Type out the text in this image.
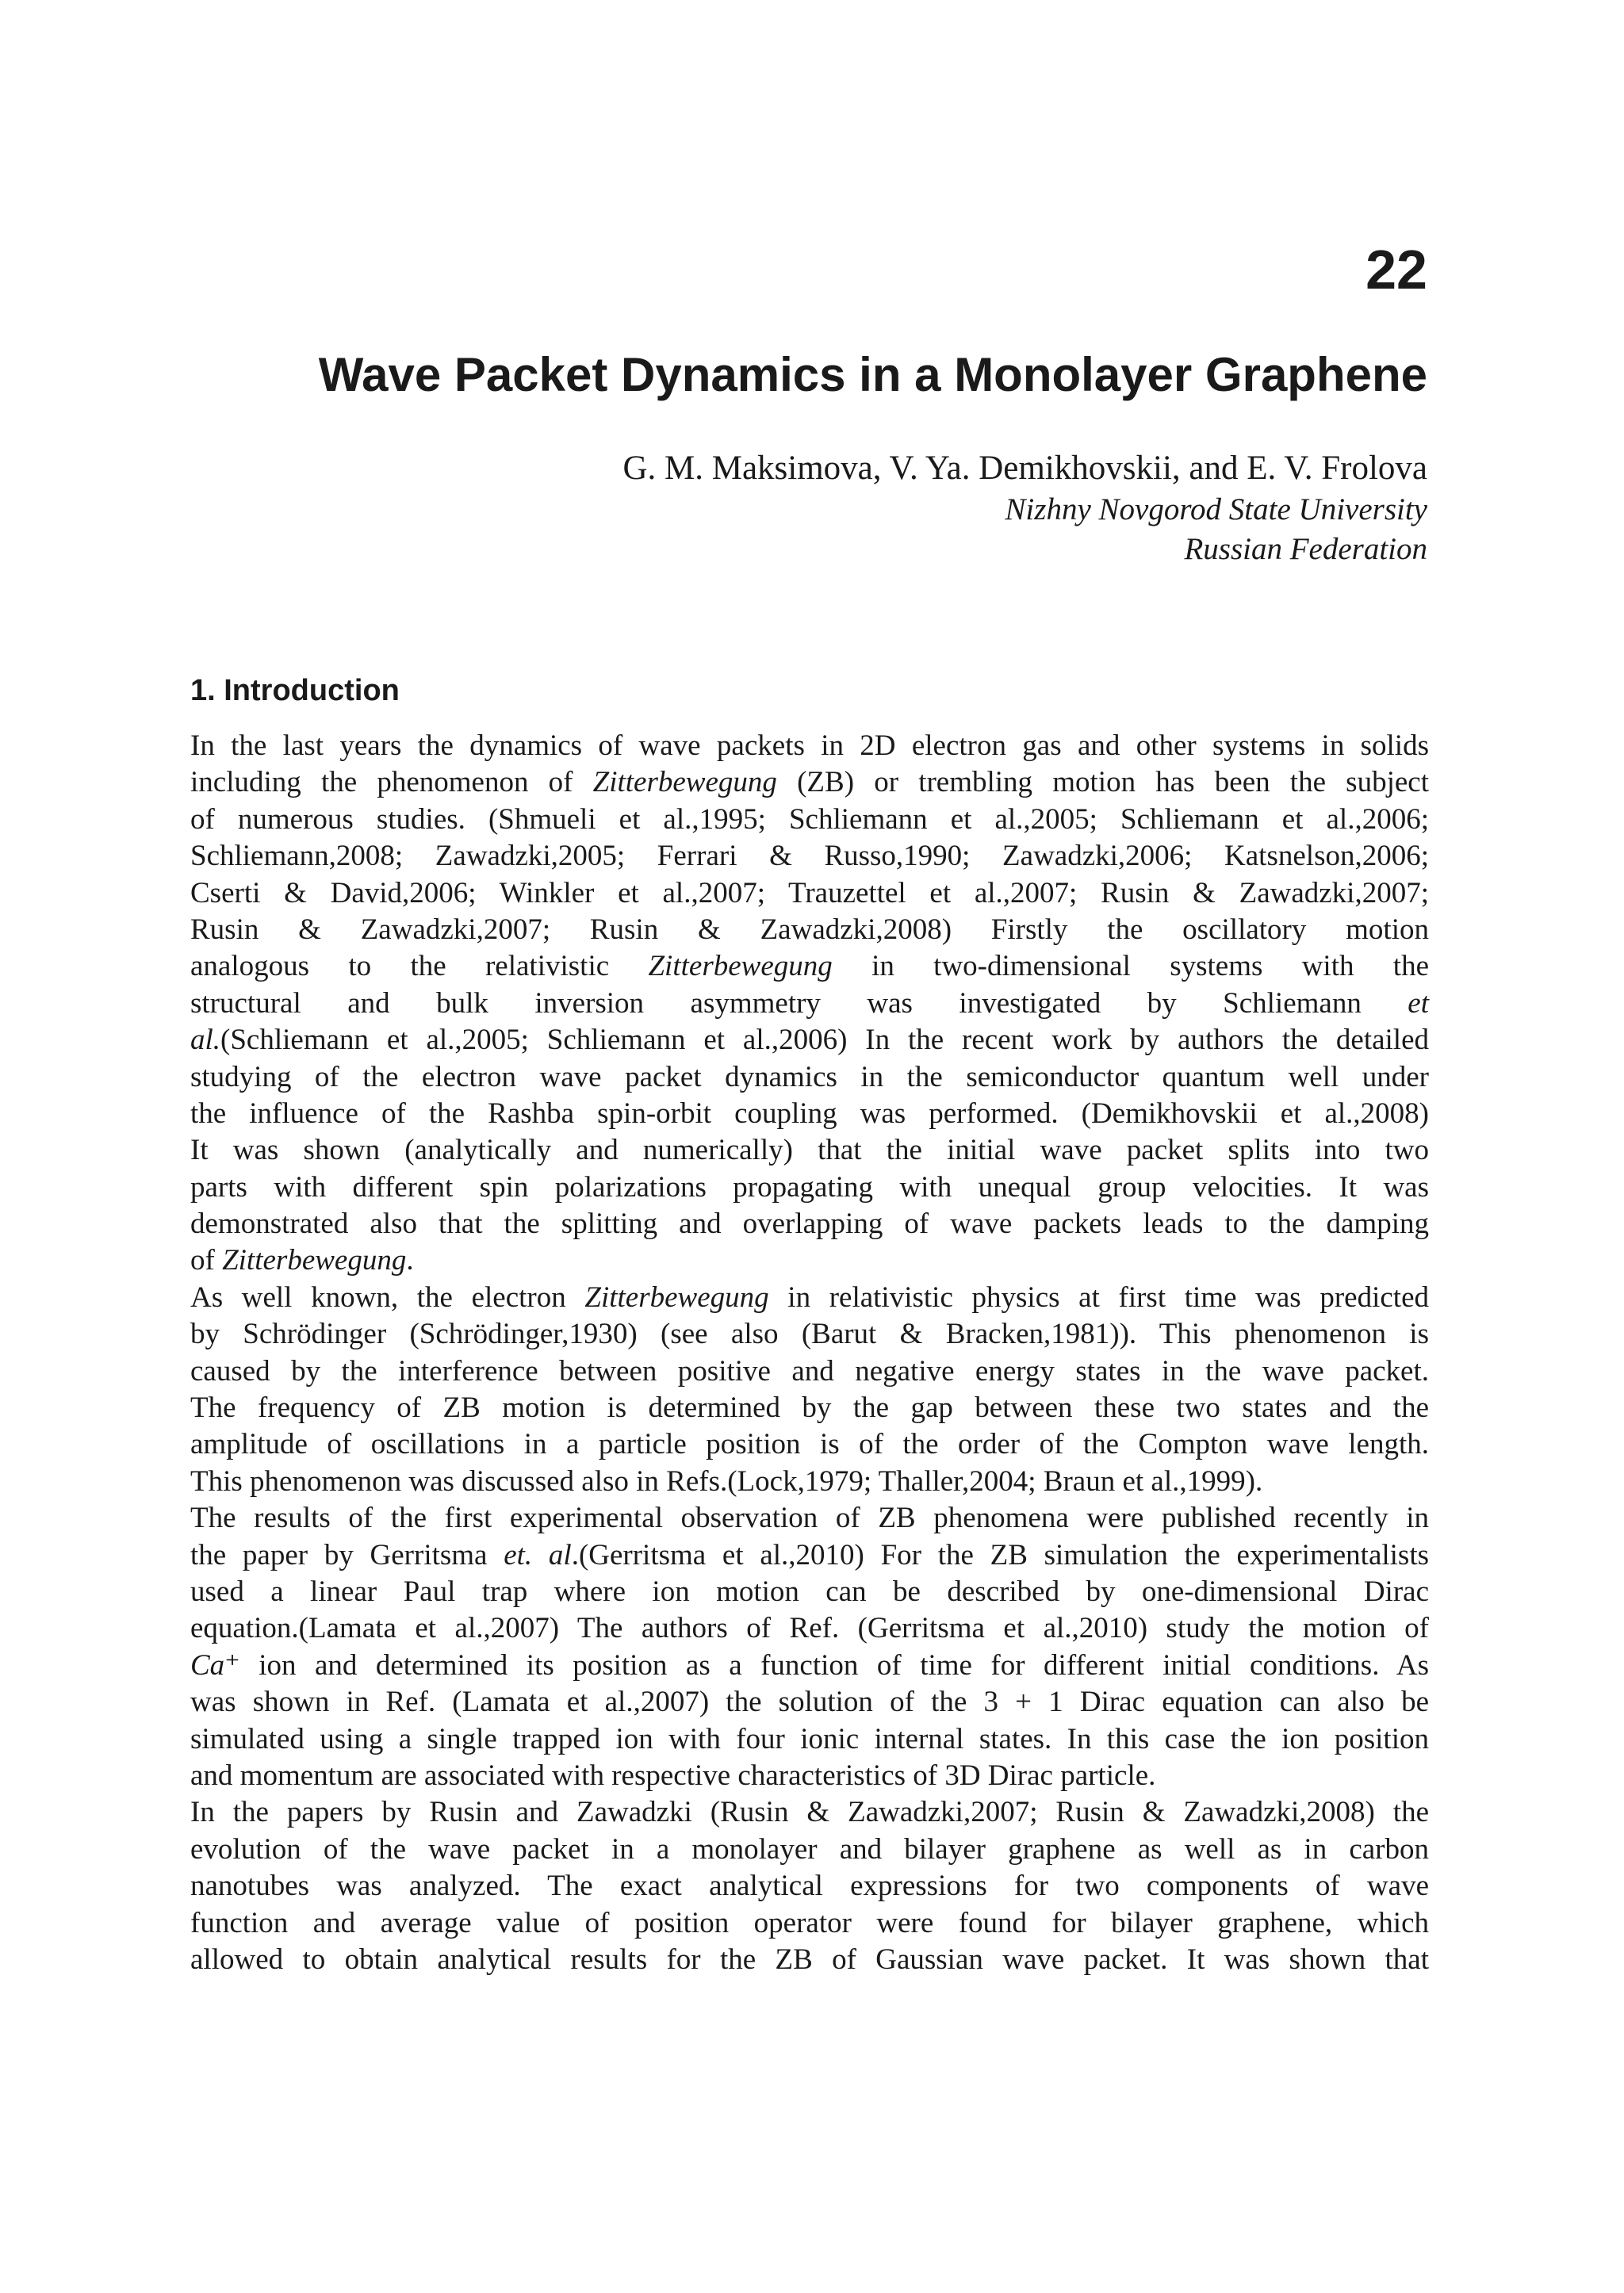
22
Wave Packet Dynamics in a Monolayer Graphene
G. M. Maksimova, V. Ya. Demikhovskii, and E. V. Frolova
Nizhny Novgorod State University
Russian Federation
1. Introduction
In the last years the dynamics of wave packets in 2D electron gas and other systems in solids
including the phenomenon of Zitterbewegung (ZB) or trembling motion has been the subject
of numerous studies. (Shmueli et al.,1995; Schliemann et al.,2005; Schliemann et al.,2006;
Schliemann,2008; Zawadzki,2005; Ferrari & Russo,1990; Zawadzki,2006; Katsnelson,2006;
Cserti & David,2006; Winkler et al.,2007; Trauzettel et al.,2007; Rusin & Zawadzki,2007;
Rusin & Zawadzki,2007; Rusin & Zawadzki,2008) Firstly the oscillatory motion
analogous to the relativistic Zitterbewegung in two-dimensional systems with the
structural and bulk inversion asymmetry was investigated by Schliemann et
al.(Schliemann et al.,2005; Schliemann et al.,2006) In the recent work by authors the detailed
studying of the electron wave packet dynamics in the semiconductor quantum well under
the influence of the Rashba spin-orbit coupling was performed. (Demikhovskii et al.,2008)
It was shown (analytically and numerically) that the initial wave packet splits into two
parts with different spin polarizations propagating with unequal group velocities. It was
demonstrated also that the splitting and overlapping of wave packets leads to the damping
of Zitterbewegung.
As well known, the electron Zitterbewegung in relativistic physics at first time was predicted
by Schrödinger (Schrödinger,1930) (see also (Barut & Bracken,1981)). This phenomenon is
caused by the interference between positive and negative energy states in the wave packet.
The frequency of ZB motion is determined by the gap between these two states and the
amplitude of oscillations in a particle position is of the order of the Compton wave length.
This phenomenon was discussed also in Refs.(Lock,1979; Thaller,2004; Braun et al.,1999).
The results of the first experimental observation of ZB phenomena were published recently in
the paper by Gerritsma et. al.(Gerritsma et al.,2010) For the ZB simulation the experimentalists
used a linear Paul trap where ion motion can be described by one-dimensional Dirac
equation.(Lamata et al.,2007) The authors of Ref. (Gerritsma et al.,2010) study the motion of
Ca⁺ ion and determined its position as a function of time for different initial conditions. As
was shown in Ref. (Lamata et al.,2007) the solution of the 3 + 1 Dirac equation can also be
simulated using a single trapped ion with four ionic internal states. In this case the ion position
and momentum are associated with respective characteristics of 3D Dirac particle.
In the papers by Rusin and Zawadzki (Rusin & Zawadzki,2007; Rusin & Zawadzki,2008) the
evolution of the wave packet in a monolayer and bilayer graphene as well as in carbon
nanotubes was analyzed. The exact analytical expressions for two components of wave
function and average value of position operator were found for bilayer graphene, which
allowed to obtain analytical results for the ZB of Gaussian wave packet. It was shown that
